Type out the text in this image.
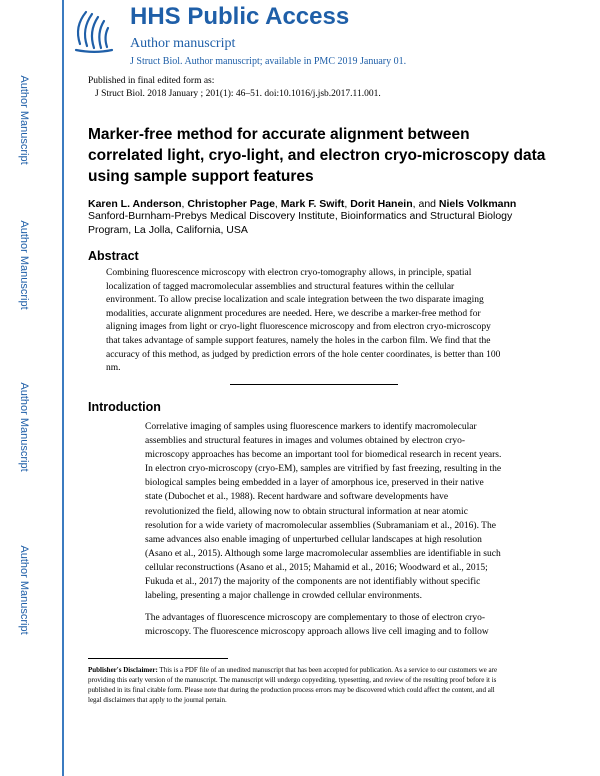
Author Manuscript
Author Manuscript
Author Manuscript
Author Manuscript
HHS Public Access
Author manuscript
J Struct Biol. Author manuscript; available in PMC 2019 January 01.
Published in final edited form as:
J Struct Biol. 2018 January ; 201(1): 46–51. doi:10.1016/j.jsb.2017.11.001.
Marker-free method for accurate alignment between correlated light, cryo-light, and electron cryo-microscopy data using sample support features
Karen L. Anderson, Christopher Page, Mark F. Swift, Dorit Hanein, and Niels Volkmann
Sanford-Burnham-Prebys Medical Discovery Institute, Bioinformatics and Structural Biology Program, La Jolla, California, USA
Abstract

Combining fluorescence microscopy with electron cryo-tomography allows, in principle, spatial localization of tagged macromolecular assemblies and structural features within the cellular environment. To allow precise localization and scale integration between the two disparate imaging modalities, accurate alignment procedures are needed. Here, we describe a marker-free method for aligning images from light or cryo-light fluorescence microscopy and from electron cryo-microscopy that takes advantage of sample support features, namely the holes in the carbon film. We find that the accuracy of this method, as judged by prediction errors of the hole center coordinates, is better than 100 nm.

Introduction

Correlative imaging of samples using fluorescence markers to identify macromolecular assemblies and structural features in images and volumes obtained by electron cryo-microscopy approaches has become an important tool for biomedical research in recent years. In electron cryo-microscopy (cryo-EM), samples are vitrified by fast freezing, resulting in the biological samples being embedded in a layer of amorphous ice, preserved in their native state (Dubochet et al., 1988). Recent hardware and software developments have revolutionized the field, allowing now to obtain structural information at near atomic resolution for a wide variety of macromolecular assemblies (Subramaniam et al., 2016). The same advances also enable imaging of unperturbed cellular landscapes at high resolution (Asano et al., 2015). Although some large macromolecular assemblies are identifiable in such cellular reconstructions (Asano et al., 2015; Mahamid et al., 2016; Woodward et al., 2015; Fukuda et al., 2017) the majority of the components are not identifiably without specific labeling, presenting a major challenge in crowded cellular environments.

The advantages of fluorescence microscopy are complementary to those of electron cryo-microscopy. The fluorescence microscopy approach allows live cell imaging and to follow

Publisher's Disclaimer: This is a PDF file of an unedited manuscript that has been accepted for publication. As a service to our customers we are providing this early version of the manuscript. The manuscript will undergo copyediting, typesetting, and review of the resulting proof before it is published in its final citable form. Please note that during the production process errors may be discovered which could affect the content, and all legal disclaimers that apply to the journal pertain.
